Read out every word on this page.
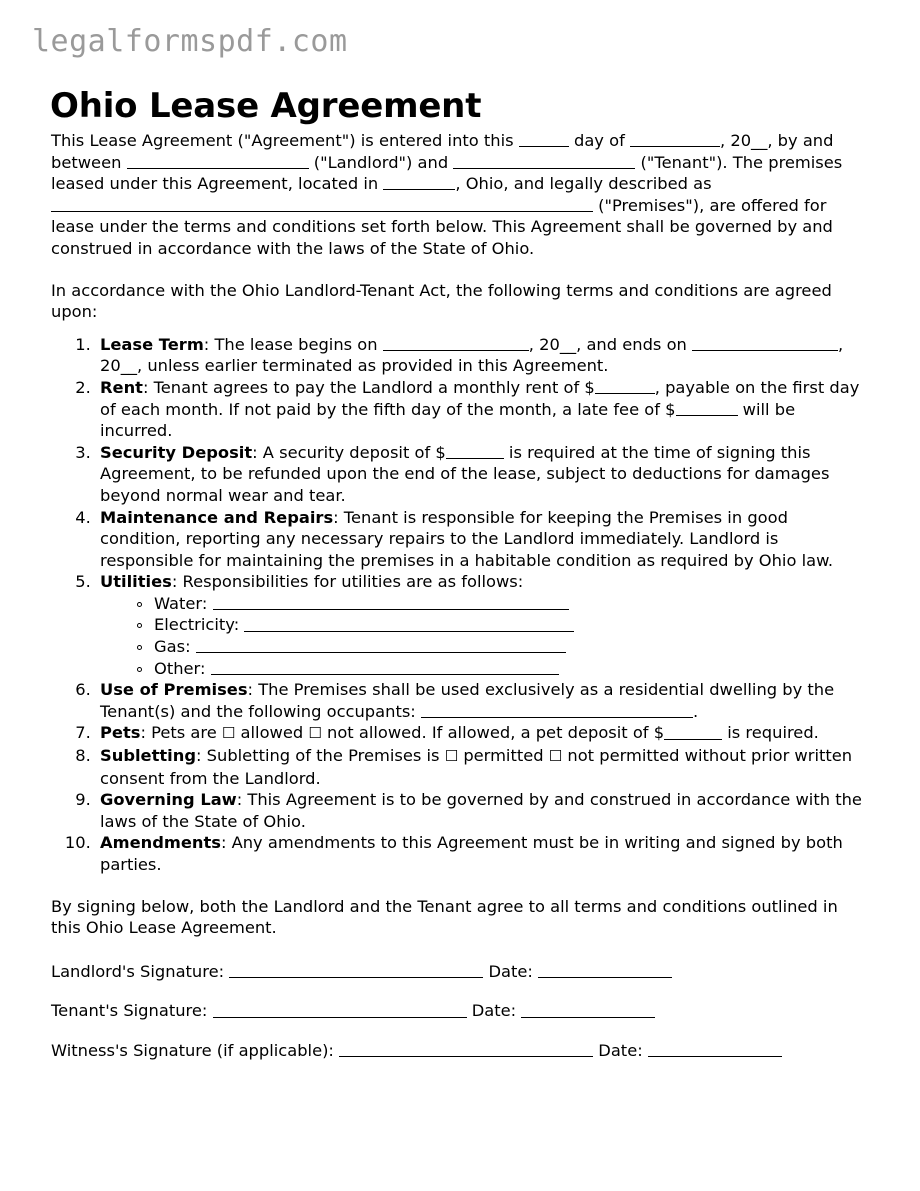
legalformspdf.com
Ohio Lease Agreement

This Lease Agreement ("Agreement") is entered into this	day of	, 20__, by and between	("Landlord") and	("Tenant"). The premises leased under this Agreement, located in	, Ohio, and legally described as  ("Premises"), are offered for lease under the terms and conditions set forth below. This Agreement shall be governed by and construed in accordance with the laws of the State of Ohio.

In accordance with the Ohio Landlord-Tenant Act, the following terms and conditions are agreed upon:

1. Lease Term: The lease begins on	, 20__, and ends on	, 20__, unless earlier terminated as provided in this Agreement.
2. Rent: Tenant agrees to pay the Landlord a monthly rent of $	, payable on the first day of each month. If not paid by the fifth day of the month, a late fee of $	will be incurred.
3. Security Deposit: A security deposit of $	is required at the time of signing this Agreement, to be refunded upon the end of the lease, subject to deductions for damages beyond normal wear and tear.
4. Maintenance and Repairs: Tenant is responsible for keeping the Premises in good condition, reporting any necessary repairs to the Landlord immediately. Landlord is responsible for maintaining the premises in a habitable condition as required by Ohio law.
5. Utilities: Responsibilities for utilities are as follows:
Water:
Electricity:
Gas:
Other:
6. Use of Premises: The Premises shall be used exclusively as a residential dwelling by the Tenant(s) and the following occupants:	.
7. Pets: Pets are ☐ allowed ☐ not allowed. If allowed, a pet deposit of $	is required.
8. Subletting: Subletting of the Premises is ☐ permitted ☐ not permitted without prior written consent from the Landlord.
9. Governing Law: This Agreement is to be governed by and construed in accordance with the laws of the State of Ohio.
10. Amendments: Any amendments to this Agreement must be in writing and signed by both parties.

By signing below, both the Landlord and the Tenant agree to all terms and conditions outlined in this Ohio Lease Agreement.

Landlord's Signature:	Date:

Tenant's Signature:	Date:

Witness's Signature (if applicable):	Date:
